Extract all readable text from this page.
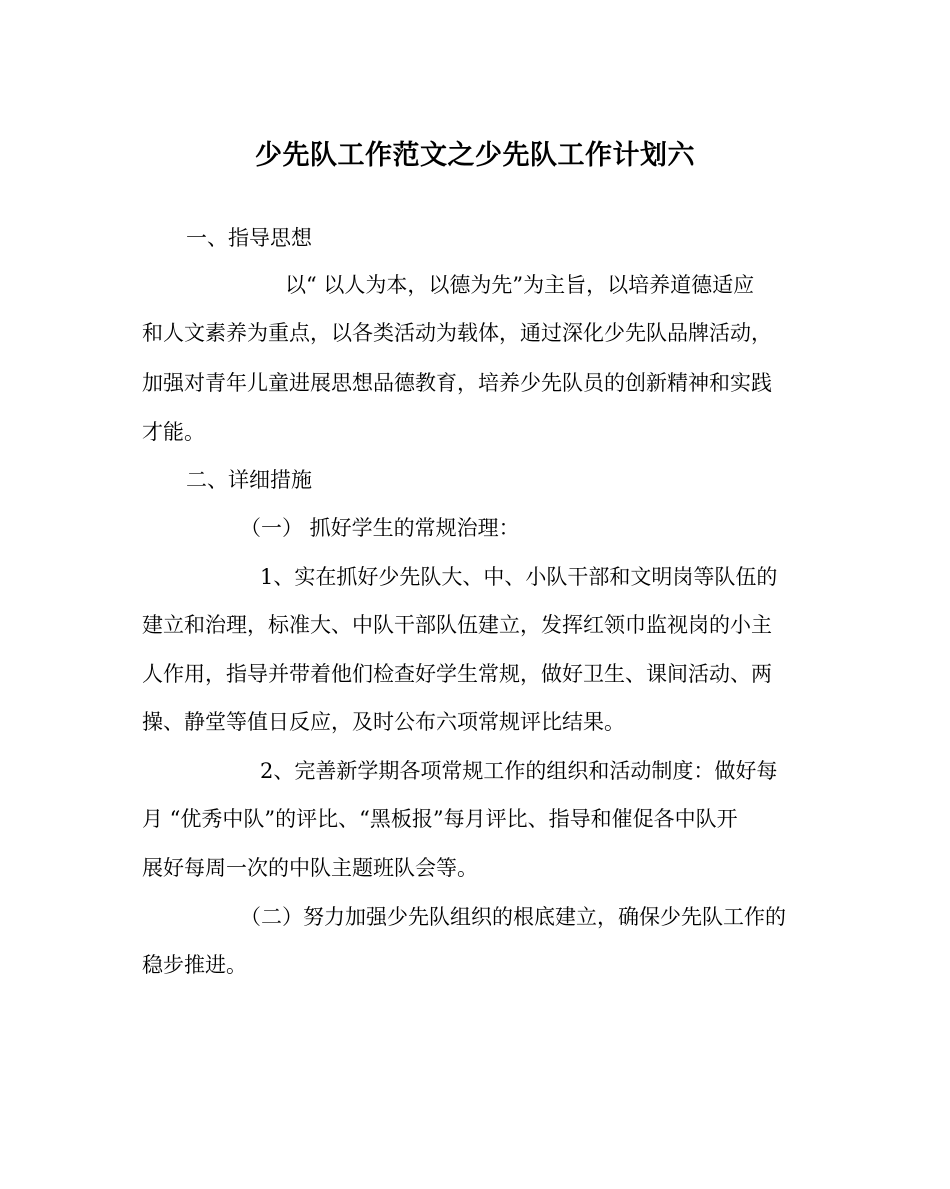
少先队工作范文之少先队工作计划六
一、指导思想
以“ 以人为本，以德为先”为主旨，以培养道德适应
和人文素养为重点，以各类活动为载体，通过深化少先队品牌活动，
加强对青年儿童进展思想品德教育，培养少先队员的创新精神和实践
才能。
二、详细措施
（一） 抓好学生的常规治理：
1、实在抓好少先队大、中、小队干部和文明岗等队伍的
建立和治理，标准大、中队干部队伍建立，发挥红领巾监视岗的小主
人作用，指导并带着他们检查好学生常规，做好卫生、课间活动、两
操、静堂等值日反应，及时公布六项常规评比结果。
2、完善新学期各项常规工作的组织和活动制度：做好每
月 “优秀中队”的评比、“黑板报”每月评比、指导和催促各中队开
展好每周一次的中队主题班队会等。
（二）努力加强少先队组织的根底建立，确保少先队工作的
稳步推进。
